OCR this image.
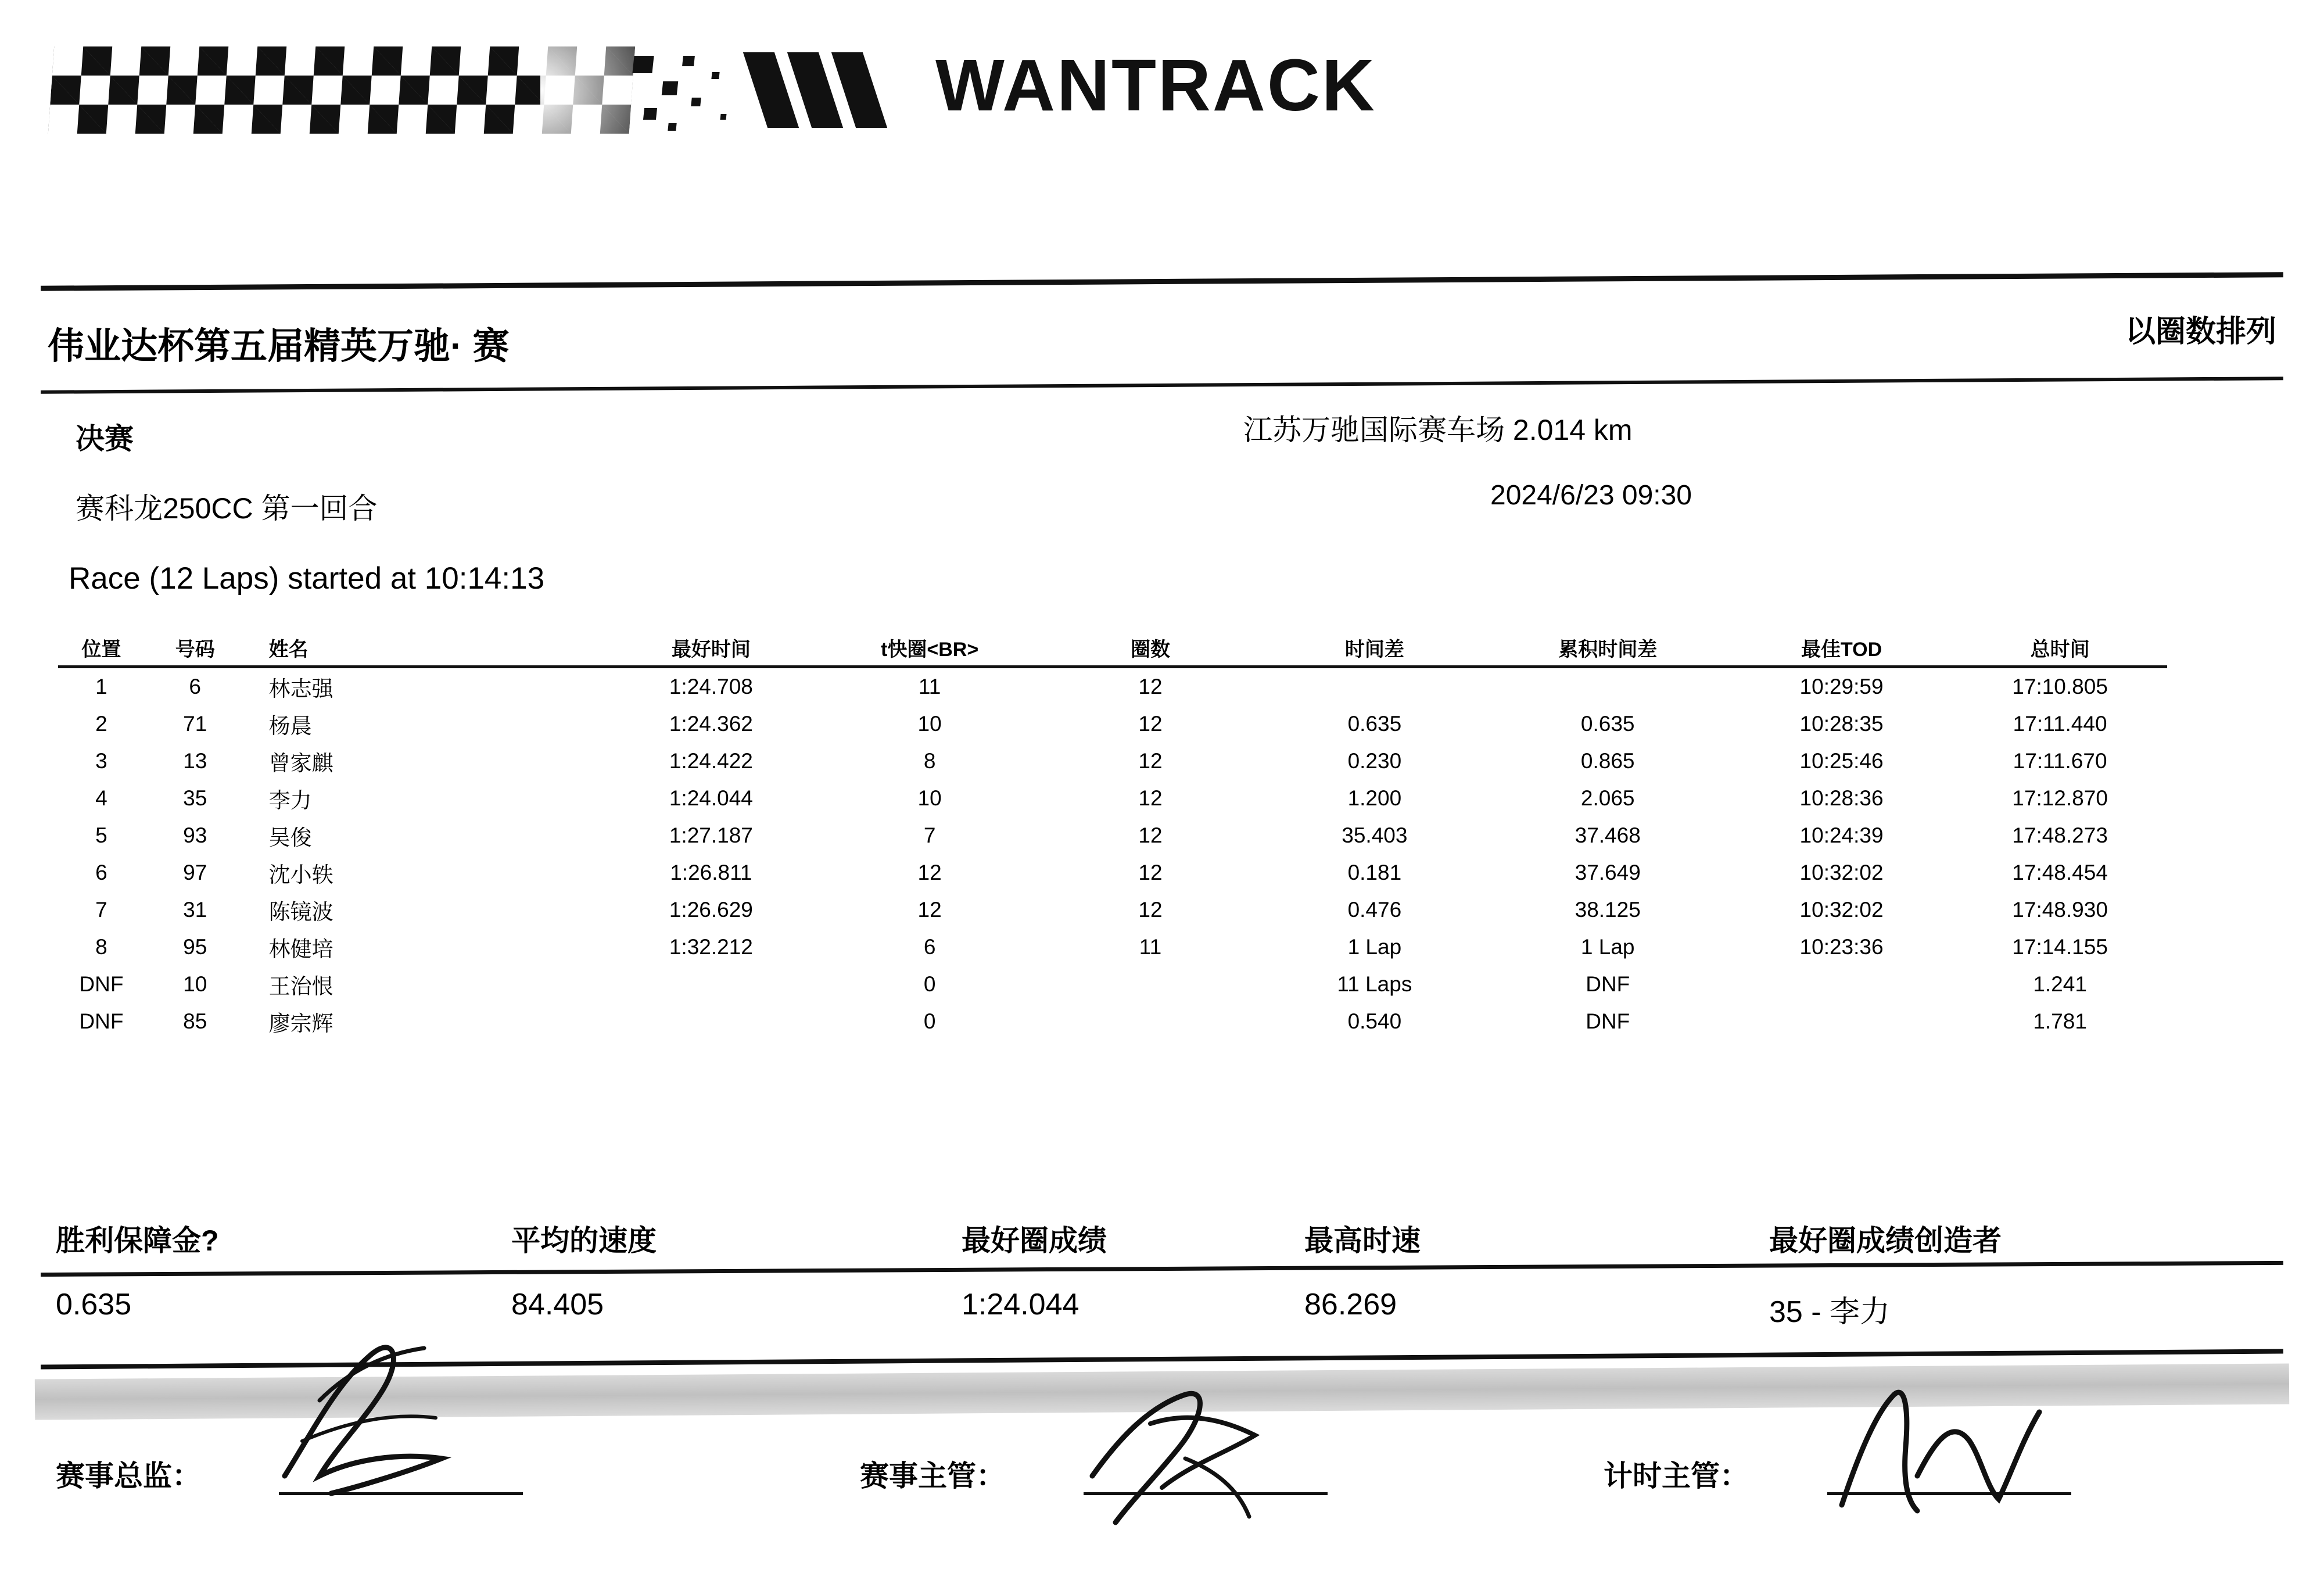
WANTRACK
伟业达杯第五届精英万驰· 赛	以圈数排列
决赛
赛科龙250CC 第一回合
江苏万驰国际赛车场 2.014 km
2024/6/23 09:30
Race (12 Laps) started at 10:14:13
位置	号码	姓名	最好时间	t快圈<BR>	圈数	时间差	累积时间差	最佳TOD	总时间
1	6	林志强	1:24.708	11	12			10:29:59	17:10.805
2	71	杨晨	1:24.362	10	12	0.635	0.635	10:28:35	17:11.440
3	13	曾家麒	1:24.422	8	12	0.230	0.865	10:25:46	17:11.670
4	35	李力	1:24.044	10	12	1.200	2.065	10:28:36	17:12.870
5	93	吴俊	1:27.187	7	12	35.403	37.468	10:24:39	17:48.273
6	97	沈小轶	1:26.811	12	12	0.181	37.649	10:32:02	17:48.454
7	31	陈镜波	1:26.629	12	12	0.476	38.125	10:32:02	17:48.930
8	95	林健培	1:32.212	6	11	1 Lap	1 Lap	10:23:36	17:14.155
DNF	10	王治恨		0		11 Laps	DNF		1.241
DNF	85	廖宗辉		0		0.540	DNF		1.781
胜利保障金?	平均的速度	最好圈成绩	最高时速	最好圈成绩创造者
0.635	84.405	1:24.044	86.269	35 - 李力
赛事总监：	赛事主管：	计时主管：
